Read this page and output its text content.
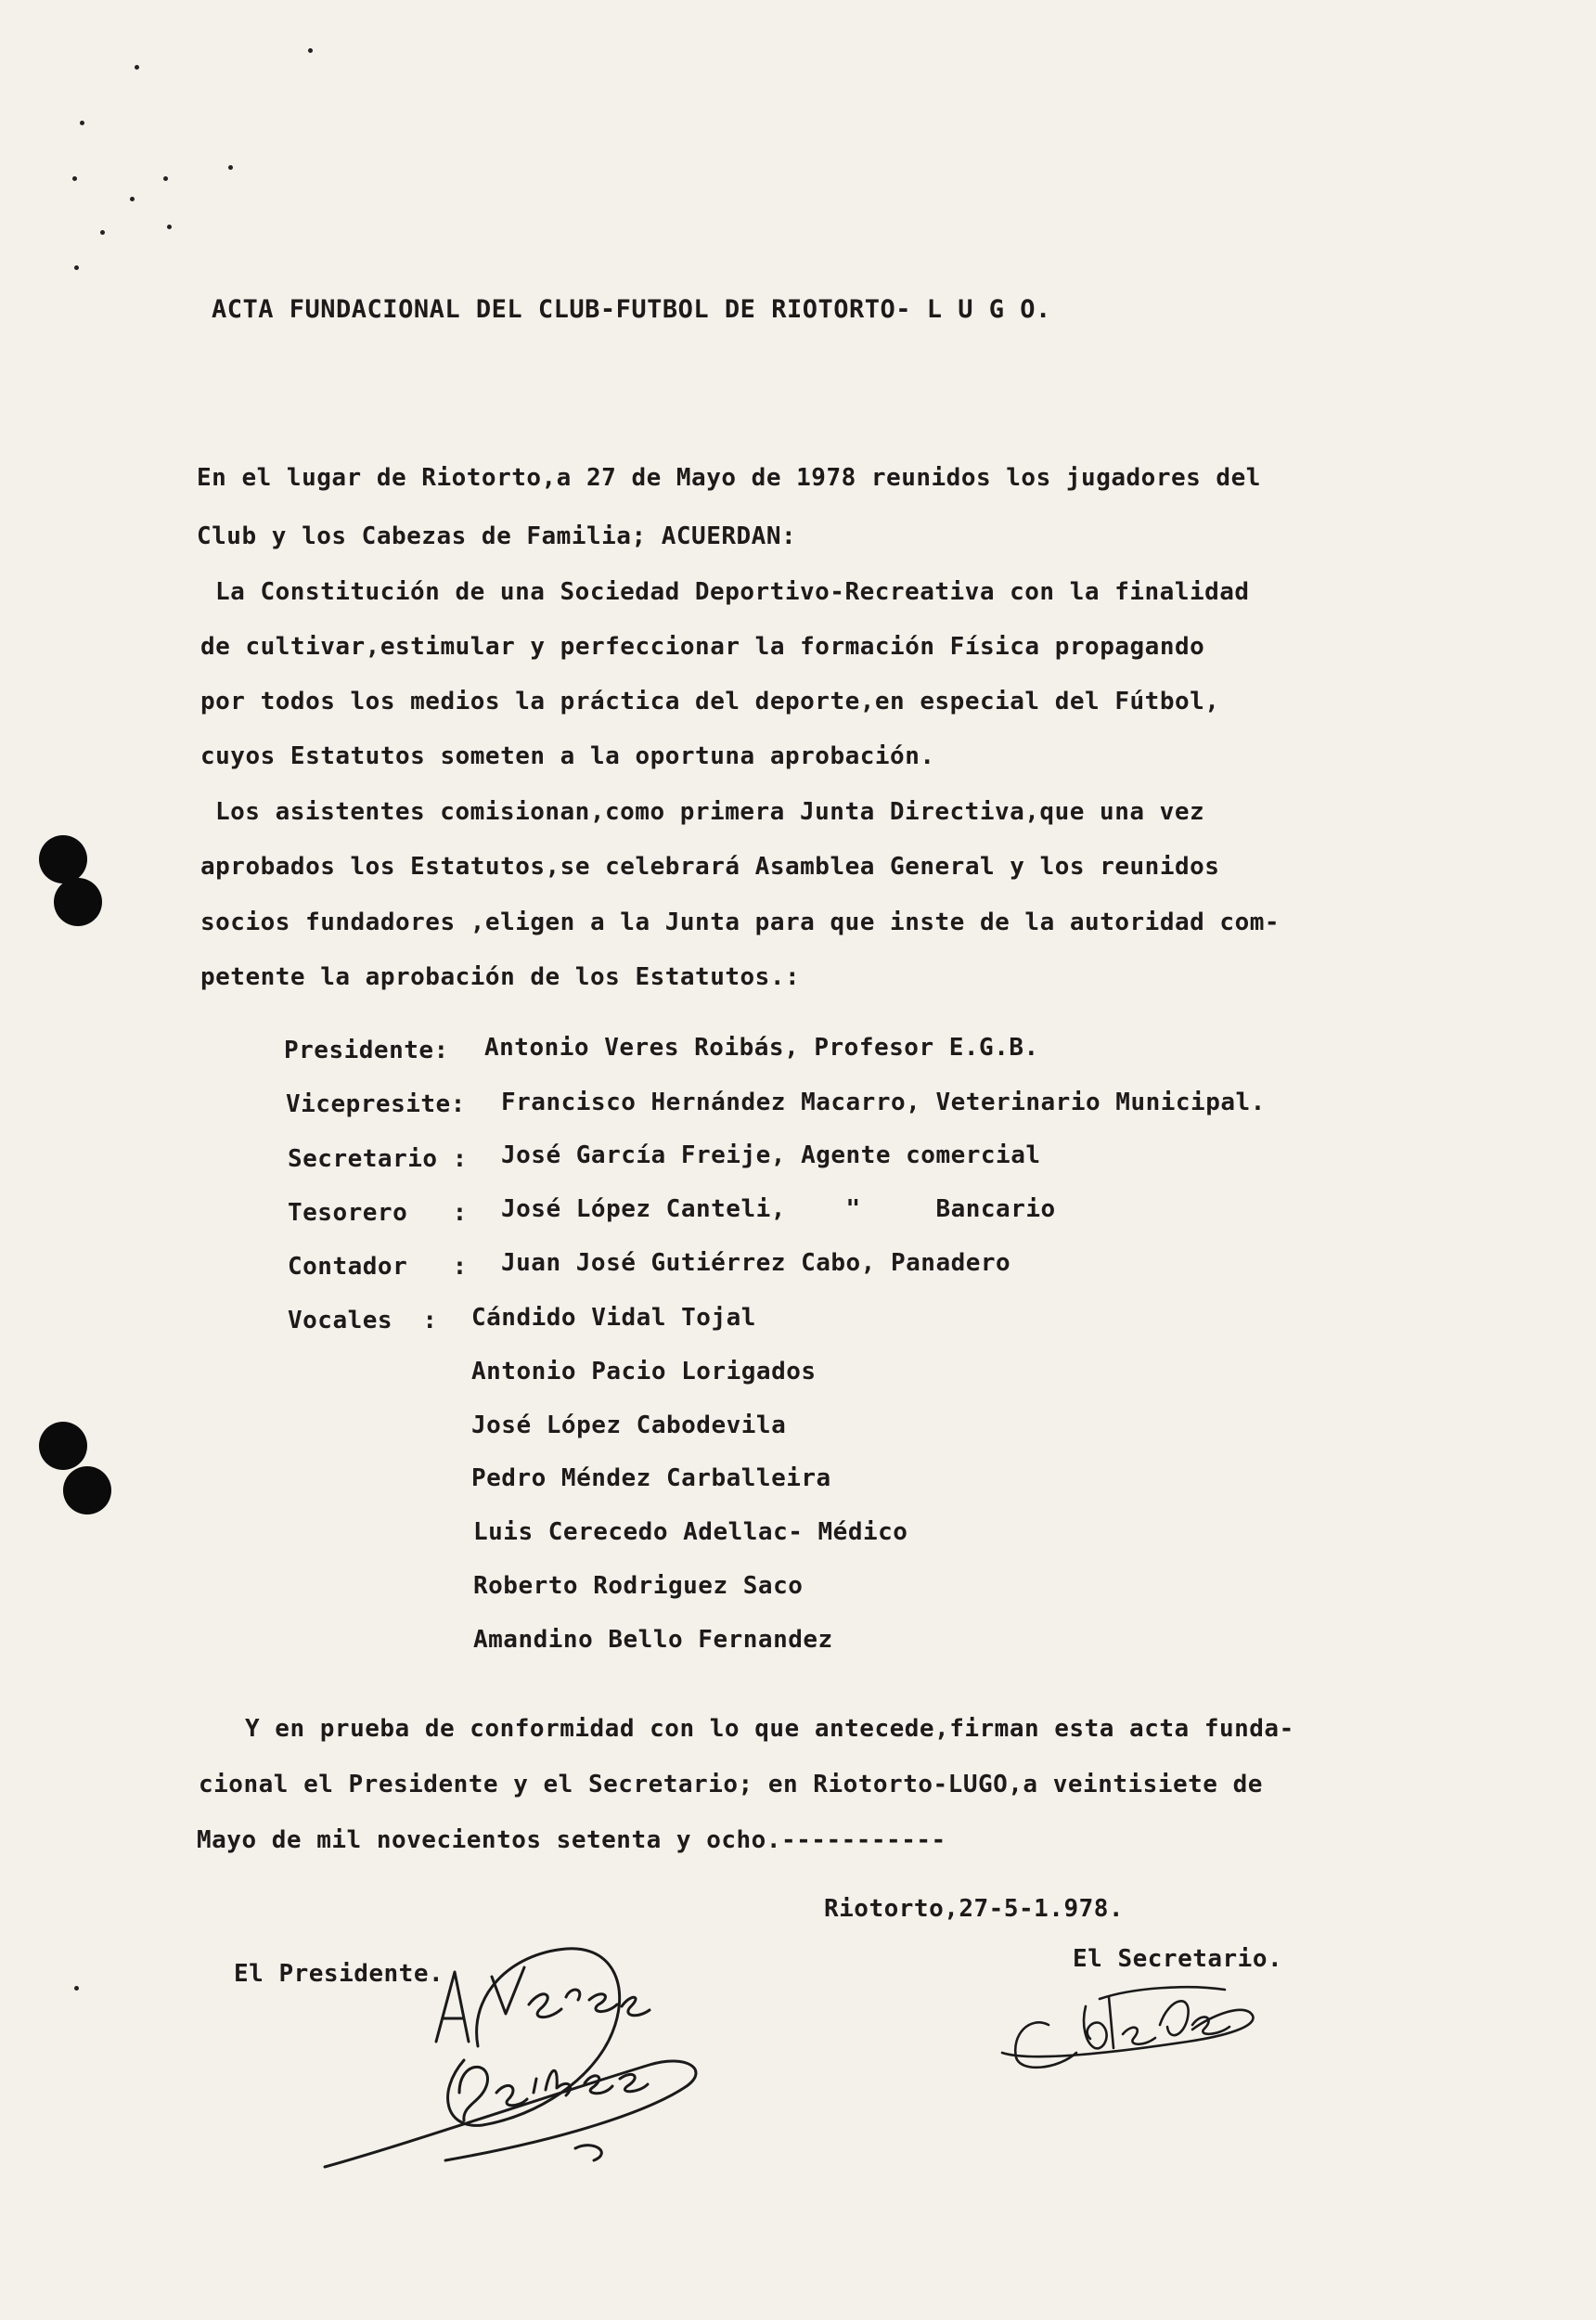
ACTA FUNDACIONAL DEL CLUB-FUTBOL DE RIOTORTO- L U G O.
En el lugar de Riotorto,a 27 de Mayo de 1978 reunidos los jugadores del
Club y los Cabezas de Familia; ACUERDAN:
La Constitución de una Sociedad Deportivo-Recreativa con la finalidad
de cultivar,estimular y perfeccionar la formación Física propagando
por todos los medios la práctica del deporte,en especial del Fútbol,
cuyos Estatutos someten a la oportuna aprobación.
Los asistentes comisionan,como primera Junta Directiva,que una vez
aprobados los Estatutos,se celebrará Asamblea General y los reunidos
socios fundadores ,eligen a la Junta para que inste de la autoridad com-
petente la aprobación de los Estatutos.:
Presidente: Antonio Veres Roibás, Profesor E.G.B.
Vicepresite: Francisco Hernández Macarro, Veterinario Municipal.
Secretario : José García Freije, Agente comercial
Tesorero   : José López Canteli,    "     Bancario
Contador   : Juan José Gutiérrez Cabo, Panadero
Vocales  : Cándido Vidal Tojal
Antonio Pacio Lorigados
José López Cabodevila
Pedro Méndez Carballeira
Luis Cerecedo Adellac- Médico
Roberto Rodriguez Saco
Amandino Bello Fernandez
Y en prueba de conformidad con lo que antecede,firman esta acta funda-
cional el Presidente y el Secretario; en Riotorto-LUGO,a veintisiete de
Mayo de mil novecientos setenta y ocho.-----------
Riotorto,27-5-1.978.
El Presidente.
El Secretario.
